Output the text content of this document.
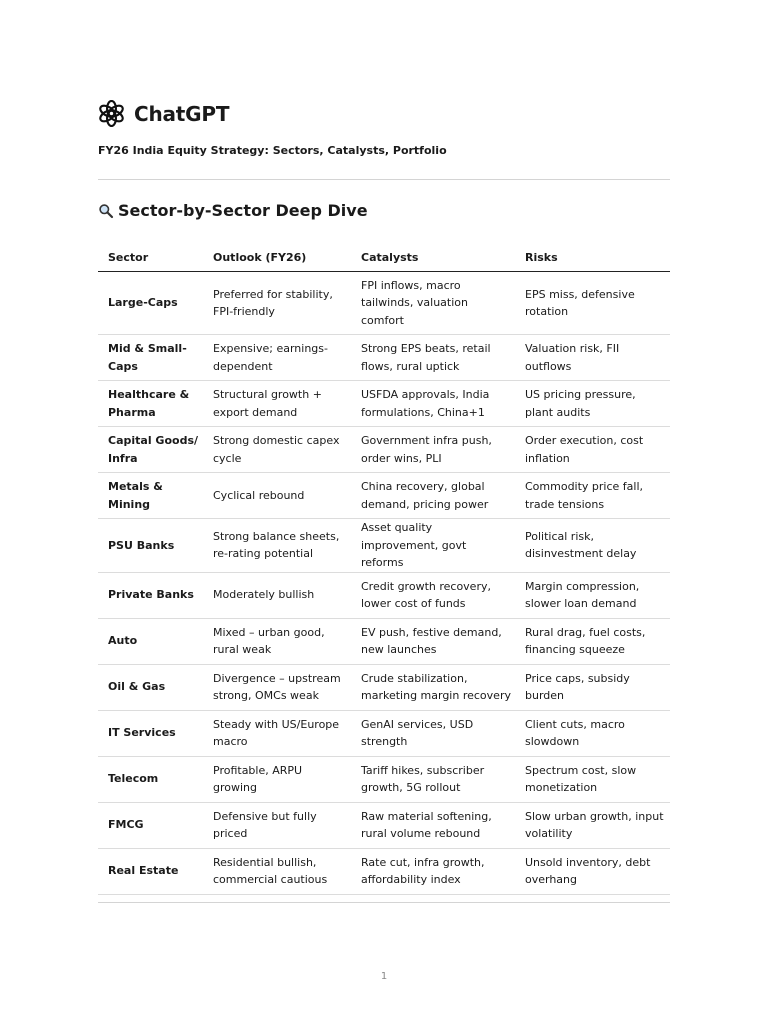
ChatGPT
FY26 India Equity Strategy: Sectors, Catalysts, Portfolio
Sector-by-Sector Deep Dive
Sector	Outlook (FY26)	Catalysts	Risks
Large-Caps	Preferred for stability, FPI-friendly	FPI inflows, macro tailwinds, valuation comfort	EPS miss, defensive rotation
Mid & Small-Caps	Expensive; earnings-dependent	Strong EPS beats, retail flows, rural uptick	Valuation risk, FII outflows
Healthcare & Pharma	Structural growth + export demand	USFDA approvals, India formulations, China+1	US pricing pressure, plant audits
Capital Goods/ Infra	Strong domestic capex cycle	Government infra push, order wins, PLI	Order execution, cost inflation
Metals & Mining	Cyclical rebound	China recovery, global demand, pricing power	Commodity price fall, trade tensions
PSU Banks	Strong balance sheets, re-rating potential	Asset quality improvement, govt reforms	Political risk, disinvestment delay
Private Banks	Moderately bullish	Credit growth recovery, lower cost of funds	Margin compression, slower loan demand
Auto	Mixed – urban good, rural weak	EV push, festive demand, new launches	Rural drag, fuel costs, financing squeeze
Oil & Gas	Divergence – upstream strong, OMCs weak	Crude stabilization, marketing margin recovery	Price caps, subsidy burden
IT Services	Steady with US/Europe macro	GenAI services, USD strength	Client cuts, macro slowdown
Telecom	Profitable, ARPU growing	Tariff hikes, subscriber growth, 5G rollout	Spectrum cost, slow monetization
FMCG	Defensive but fully priced	Raw material softening, rural volume rebound	Slow urban growth, input volatility
Real Estate	Residential bullish, commercial cautious	Rate cut, infra growth, affordability index	Unsold inventory, debt overhang
1
